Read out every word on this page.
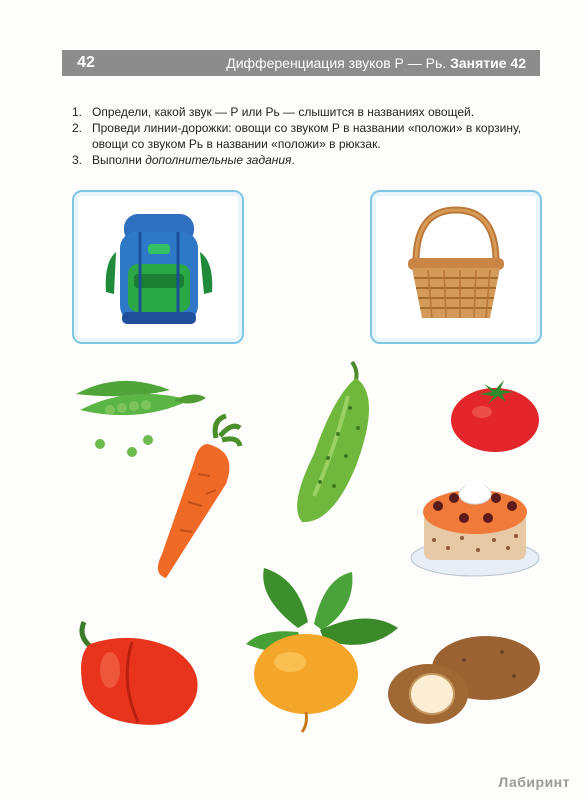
42	Дифференциация звуков Р — Рь. Занятие 42
1. Определи, какой звук — Р или Рь — слышится в названиях овощей.
2. Проведи линии-дорожки: овощи со звуком Р в названии «положи» в корзину, овощи со звуком Рь в названии «положи» в рюкзак.
3. Выполни дополнительные задания.
Лабиринт
